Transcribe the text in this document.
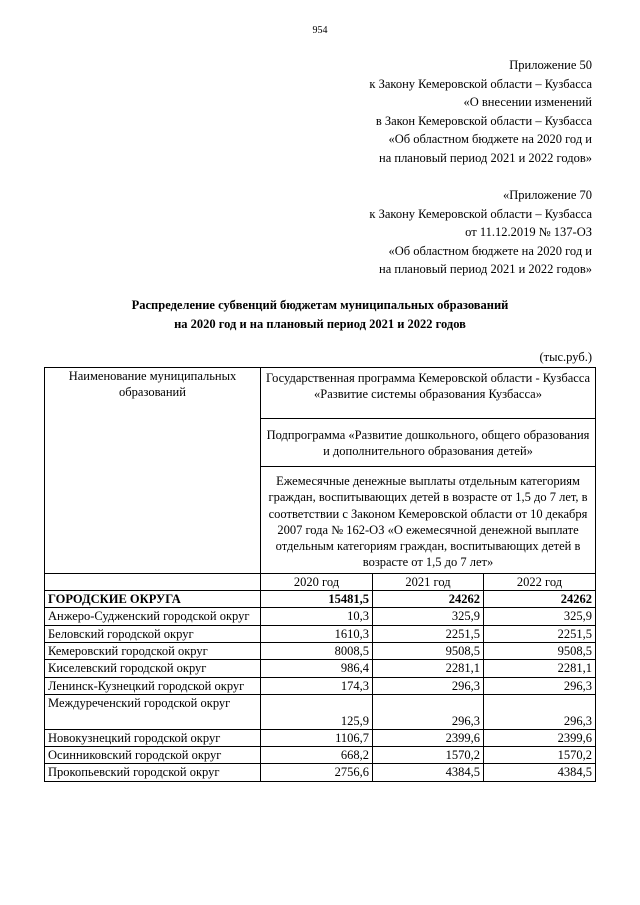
954
Приложение 50
к Закону Кемеровской области – Кузбасса
«О внесении изменений
в Закон Кемеровской области – Кузбасса
«Об областном бюджете на 2020 год и
на плановый период 2021 и 2022 годов»
«Приложение 70
к Закону Кемеровской области – Кузбасса
от 11.12.2019 № 137-ОЗ
«Об областном бюджете на 2020 год и
на плановый период 2021 и 2022 годов»
Распределение субвенций бюджетам муниципальных образований
на 2020 год и на плановый период 2021 и 2022 годов
(тыс.руб.)
Наименование муниципальных образований	Государственная программа Кемеровской области - Кузбасса «Развитие системы образования Кузбасса»		
	Подпрограмма «Развитие дошкольного, общего образования и дополнительного образования детей»		
	Ежемесячные денежные выплаты отдельным категориям граждан, воспитывающих детей в возрасте от 1,5 до 7 лет, в соответствии с Законом Кемеровской области от 10 декабря 2007 года № 162-ОЗ «О ежемесячной денежной выплате отдельным категориям граждан, воспитывающих детей в возрасте от 1,5 до 7 лет»		
	2020 год	2021 год	2022 год
ГОРОДСКИЕ ОКРУГА	15481,5	24262	24262
Анжеро-Судженский городской округ	10,3	325,9	325,9
Беловский городской округ	1610,3	2251,5	2251,5
Кемеровский городской округ	8008,5	9508,5	9508,5
Киселевский городской округ	986,4	2281,1	2281,1
Ленинск-Кузнецкий городской округ	174,3	296,3	296,3
Междуреченский городской округ	125,9	296,3	296,3
Новокузнецкий городской округ	1106,7	2399,6	2399,6
Осинниковский городской округ	668,2	1570,2	1570,2
Прокопьевский городской округ	2756,6	4384,5	4384,5
